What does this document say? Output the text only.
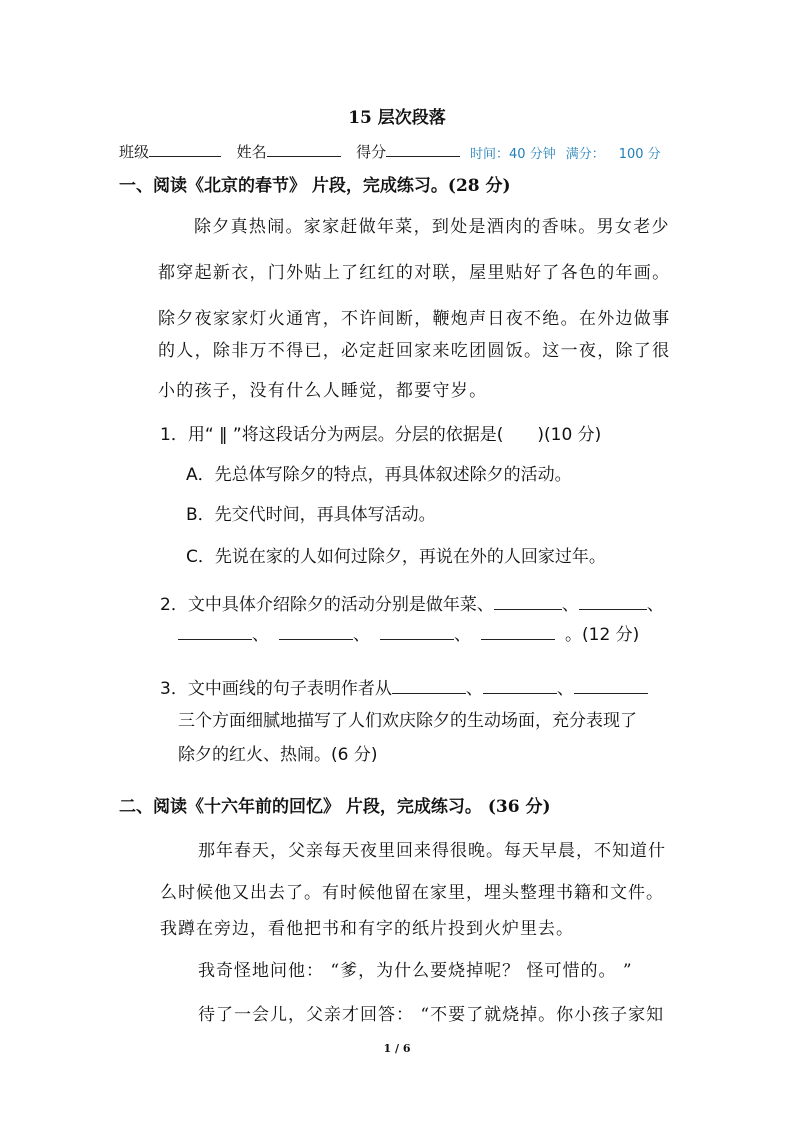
15 层次段落
班级	姓名	得分	时间：40 分钟 满分： 100 分
一、阅读《北京的春节》 片段，完成练习。(28 分)
除夕真热闹。家家赶做年菜，到处是酒肉的香味。男女老少
都穿起新衣，门外贴上了红红的对联，屋里贴好了各色的年画。
除夕夜家家灯火通宵，不许间断，鞭炮声日夜不绝。在外边做事
的人，除非万不得已，必定赶回家来吃团圆饭。这一夜，除了很
小的孩子，没有什么人睡觉，都要守岁。
1．用“ ‖ ”将这段话分为两层。分层的依据是(　　)(10 分)
A．先总体写除夕的特点，再具体叙述除夕的活动。
B．先交代时间，再具体写活动。
C．先说在家的人如何过除夕，再说在外的人回家过年。
2．文中具体介绍除夕的活动分别是做年菜、	、	、
、	、	、	。(12 分)
3．文中画线的句子表明作者从	、	、
三个方面细腻地描写了人们欢庆除夕的生动场面，充分表现了
除夕的红火、热闹。(6 分)
二、阅读《十六年前的回忆》 片段，完成练习。 (36 分)
那年春天，父亲每天夜里回来得很晚。每天早晨，不知道什
么时候他又出去了。有时候他留在家里，埋头整理书籍和文件。
我蹲在旁边，看他把书和有字的纸片投到火炉里去。
我奇怪地问他： “爹，为什么要烧掉呢？ 怪可惜的。 ”
待了一会儿，父亲才回答： “不要了就烧掉。你小孩子家知
1 / 6
